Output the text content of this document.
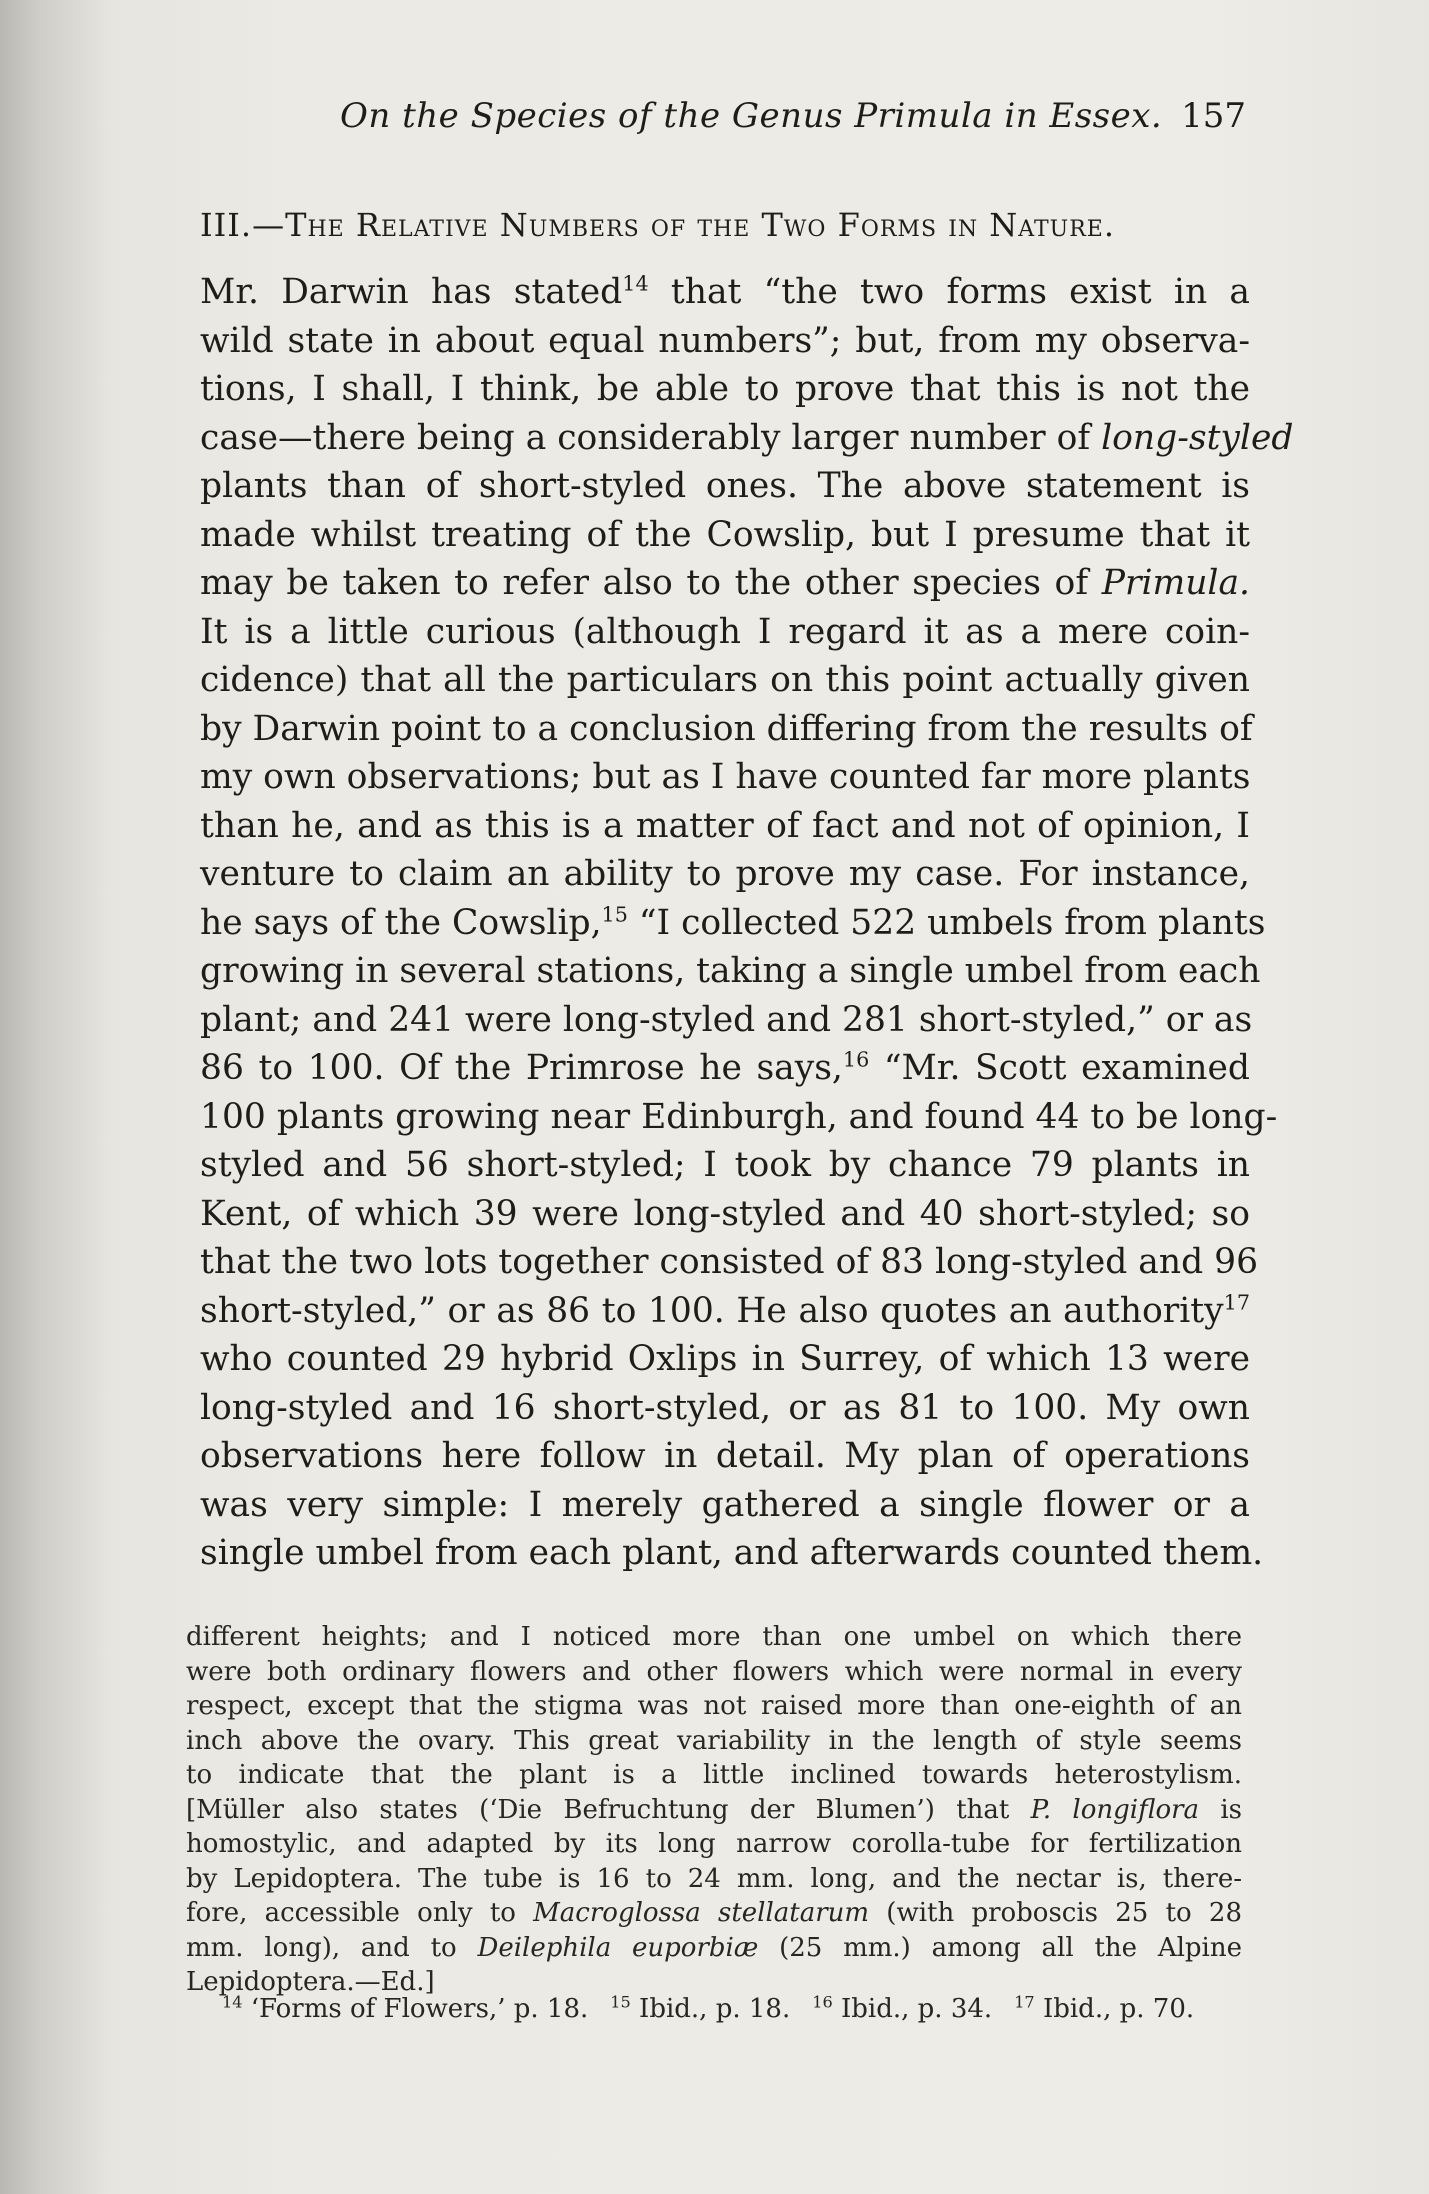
On the Species of the Genus Primula in Essex. 157
III.—The Relative Numbers of the Two Forms in Nature.
Mr. Darwin has stated$^{14}$ that “the two forms exist in a
wild state in about equal numbers”; but, from my observa-
tions, I shall, I think, be able to prove that this is not the
case—there being a considerably larger number of long-styled
plants than of short-styled ones. The above statement is
made whilst treating of the Cowslip, but I presume that it
may be taken to refer also to the other species of Primula.
It is a little curious (although I regard it as a mere coin-
cidence) that all the particulars on this point actually given
by Darwin point to a conclusion differing from the results of
my own observations; but as I have counted far more plants
than he, and as this is a matter of fact and not of opinion, I
venture to claim an ability to prove my case. For instance,
he says of the Cowslip,$^{15}$ “I collected 522 umbels from plants
growing in several stations, taking a single umbel from each
plant; and 241 were long-styled and 281 short-styled,” or as
86 to 100. Of the Primrose he says,$^{16}$ “Mr. Scott examined
100 plants growing near Edinburgh, and found 44 to be long-
styled and 56 short-styled; I took by chance 79 plants in
Kent, of which 39 were long-styled and 40 short-styled; so
that the two lots together consisted of 83 long-styled and 96
short-styled,” or as 86 to 100. He also quotes an authority$^{17}$
who counted 29 hybrid Oxlips in Surrey, of which 13 were
long-styled and 16 short-styled, or as 81 to 100. My own
observations here follow in detail. My plan of operations
was very simple: I merely gathered a single flower or a
single umbel from each plant, and afterwards counted them.
different heights; and I noticed more than one umbel on which there
were both ordinary flowers and other flowers which were normal in every
respect, except that the stigma was not raised more than one-eighth of an
inch above the ovary. This great variability in the length of style seems
to indicate that the plant is a little inclined towards heterostylism.
[Müller also states (‘Die Befruchtung der Blumen’) that P. longiflora is
homostylic, and adapted by its long narrow corolla-tube for fertilization
by Lepidoptera. The tube is 16 to 24 mm. long, and the nectar is, there-
fore, accessible only to Macroglossa stellatarum (with proboscis 25 to 28
mm. long), and to Deilephila euporbiæ (25 mm.) among all the Alpine
Lepidoptera.—Ed.]
$^{14}$ ‘Forms of Flowers,’ p. 18. $^{15}$ Ibid., p. 18. $^{16}$ Ibid., p. 34. $^{17}$ Ibid., p. 70.
